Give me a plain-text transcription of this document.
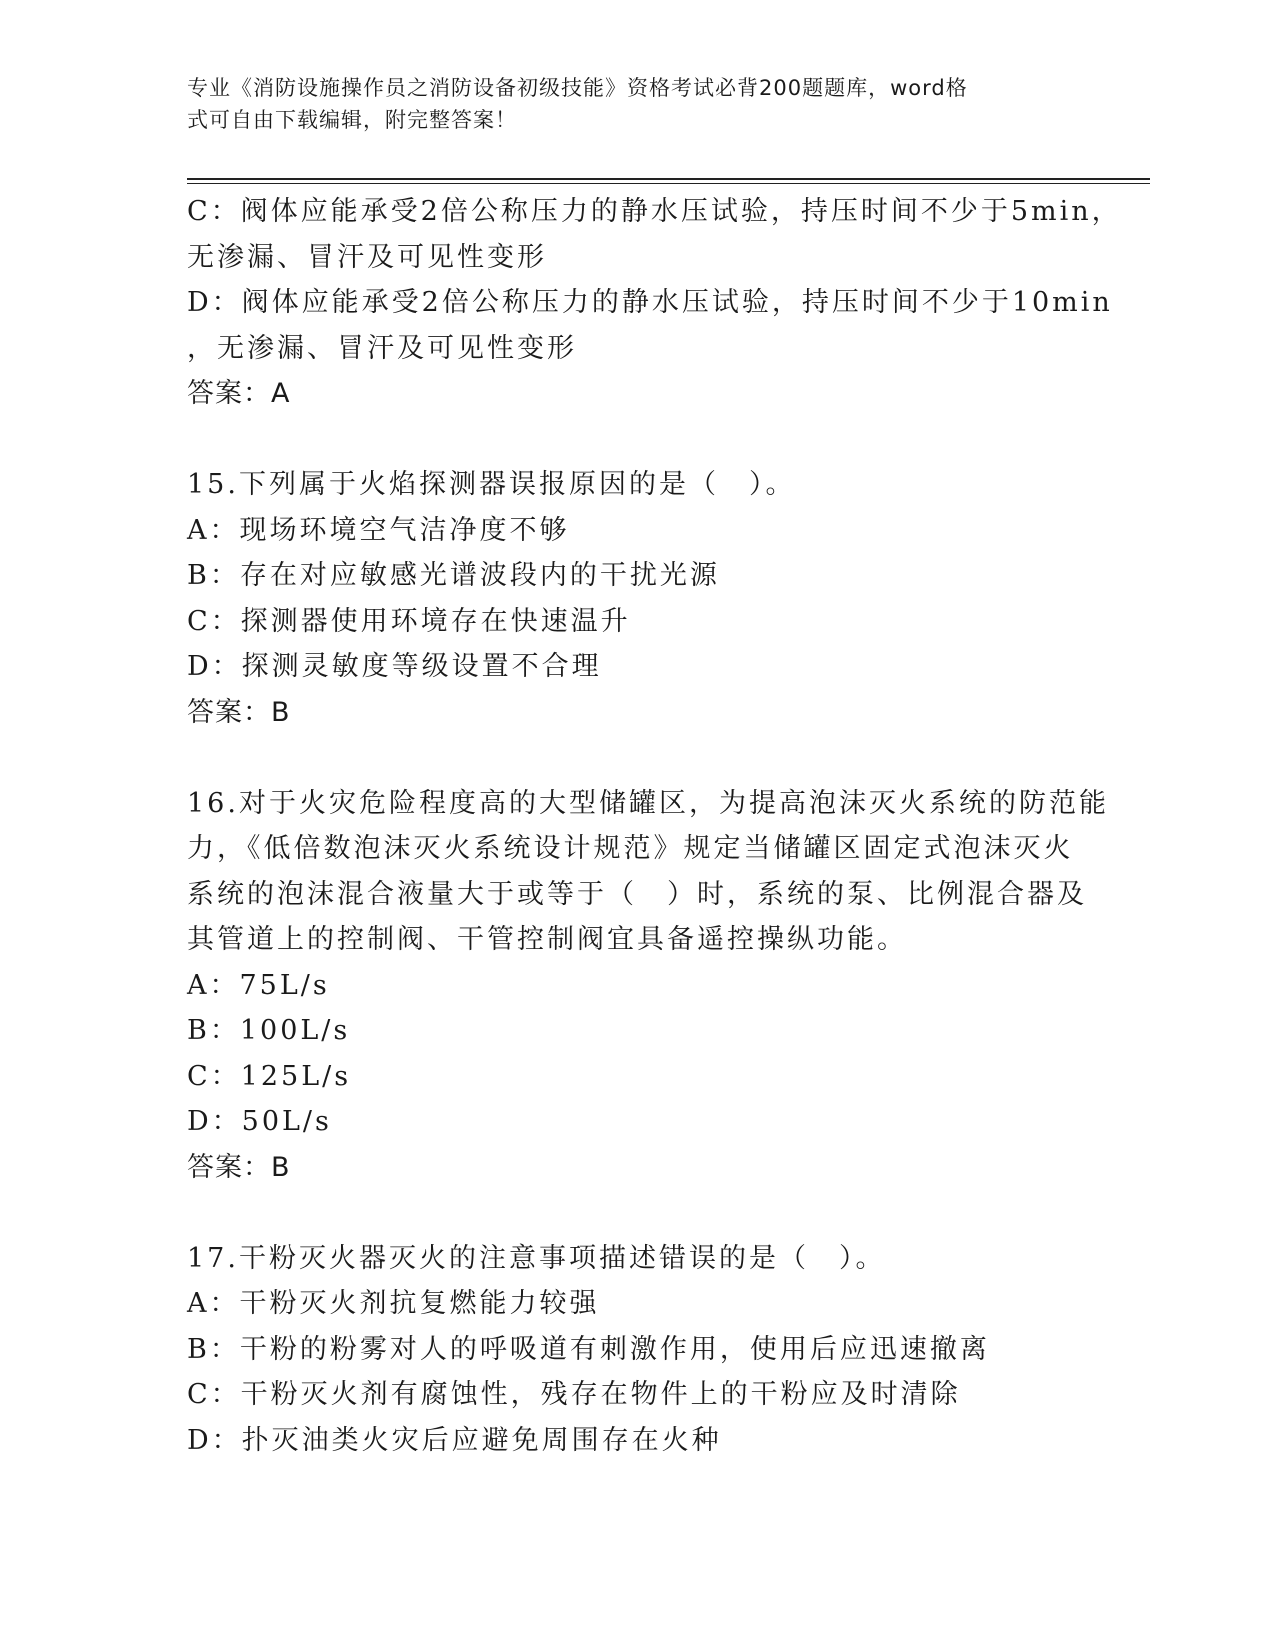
专业《消防设施操作员之消防设备初级技能》资格考试必背200题题库，word格
式可自由下载编辑，附完整答案！
C：阀体应能承受2倍公称压力的静水压试验，持压时间不少于5min，
无渗漏、冒汗及可见性变形
D：阀体应能承受2倍公称压力的静水压试验，持压时间不少于10min
，无渗漏、冒汗及可见性变形
答案：A
15.下列属于火焰探测器误报原因的是（　）。
A：现场环境空气洁净度不够
B：存在对应敏感光谱波段内的干扰光源
C：探测器使用环境存在快速温升
D：探测灵敏度等级设置不合理
答案：B
16.对于火灾危险程度高的大型储罐区，为提高泡沫灭火系统的防范能
力，《低倍数泡沫灭火系统设计规范》规定当储罐区固定式泡沫灭火
系统的泡沫混合液量大于或等于（　）时，系统的泵、比例混合器及
其管道上的控制阀、干管控制阀宜具备遥控操纵功能。
A：75L/s
B：100L/s
C：125L/s
D：50L/s
答案：B
17.干粉灭火器灭火的注意事项描述错误的是（　）。
A：干粉灭火剂抗复燃能力较强
B：干粉的粉雾对人的呼吸道有刺激作用，使用后应迅速撤离
C：干粉灭火剂有腐蚀性，残存在物件上的干粉应及时清除
D：扑灭油类火灾后应避免周围存在火种
